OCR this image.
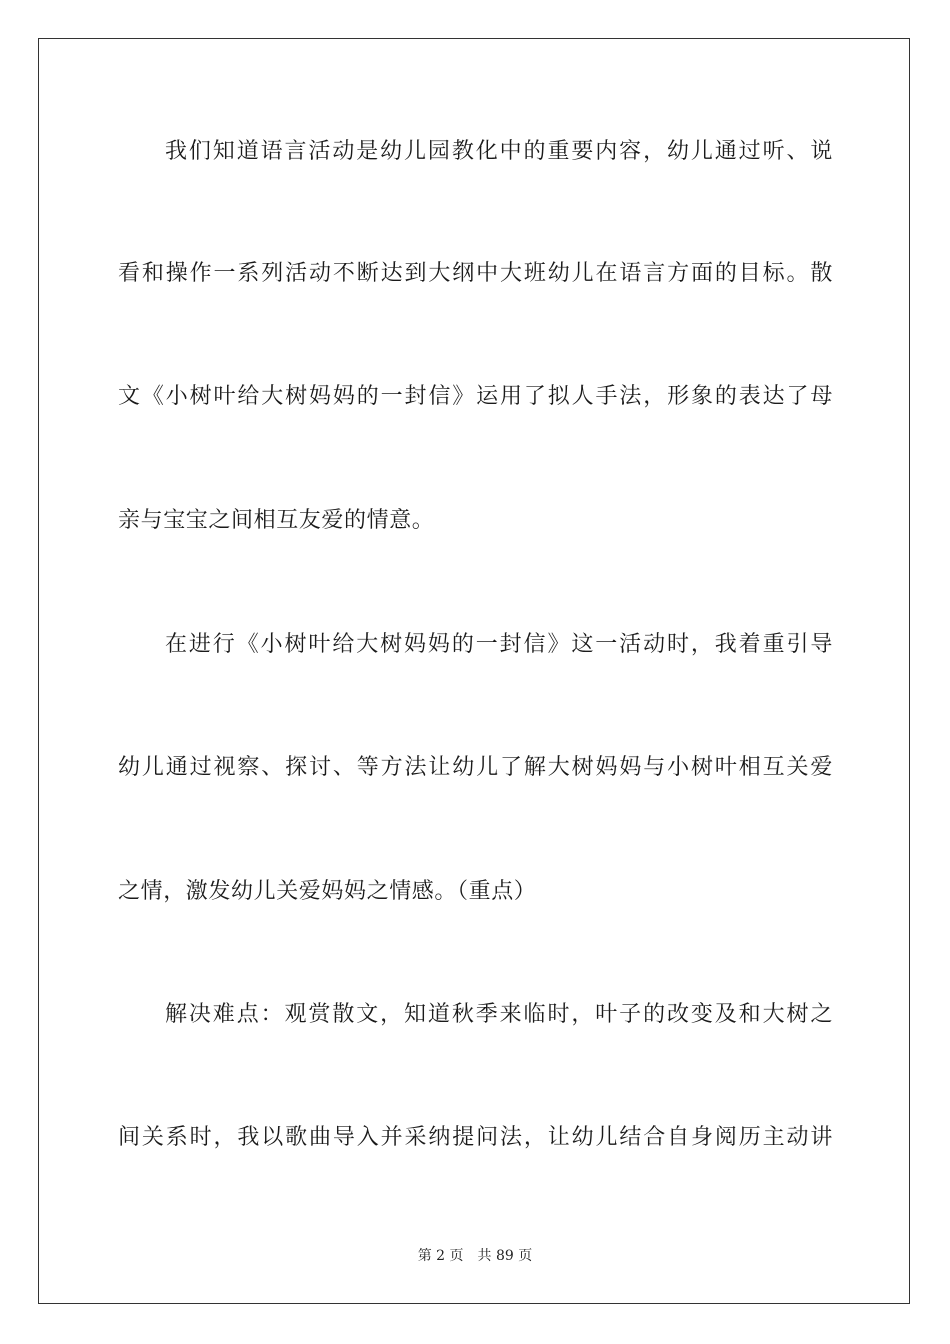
我们知道语言活动是幼儿园教化中的重要内容，幼儿通过听、说
看和操作一系列活动不断达到大纲中大班幼儿在语言方面的目标。散
文《小树叶给大树妈妈的一封信》运用了拟人手法，形象的表达了母
亲与宝宝之间相互友爱的情意。
在进行《小树叶给大树妈妈的一封信》这一活动时，我着重引导
幼儿通过视察、探讨、等方法让幼儿了解大树妈妈与小树叶相互关爱
之情，激发幼儿关爱妈妈之情感。（重点）
解决难点：观赏散文，知道秋季来临时，叶子的改变及和大树之
间关系时，我以歌曲导入并采纳提问法，让幼儿结合自身阅历主动讲
第 2 页 共 89 页
